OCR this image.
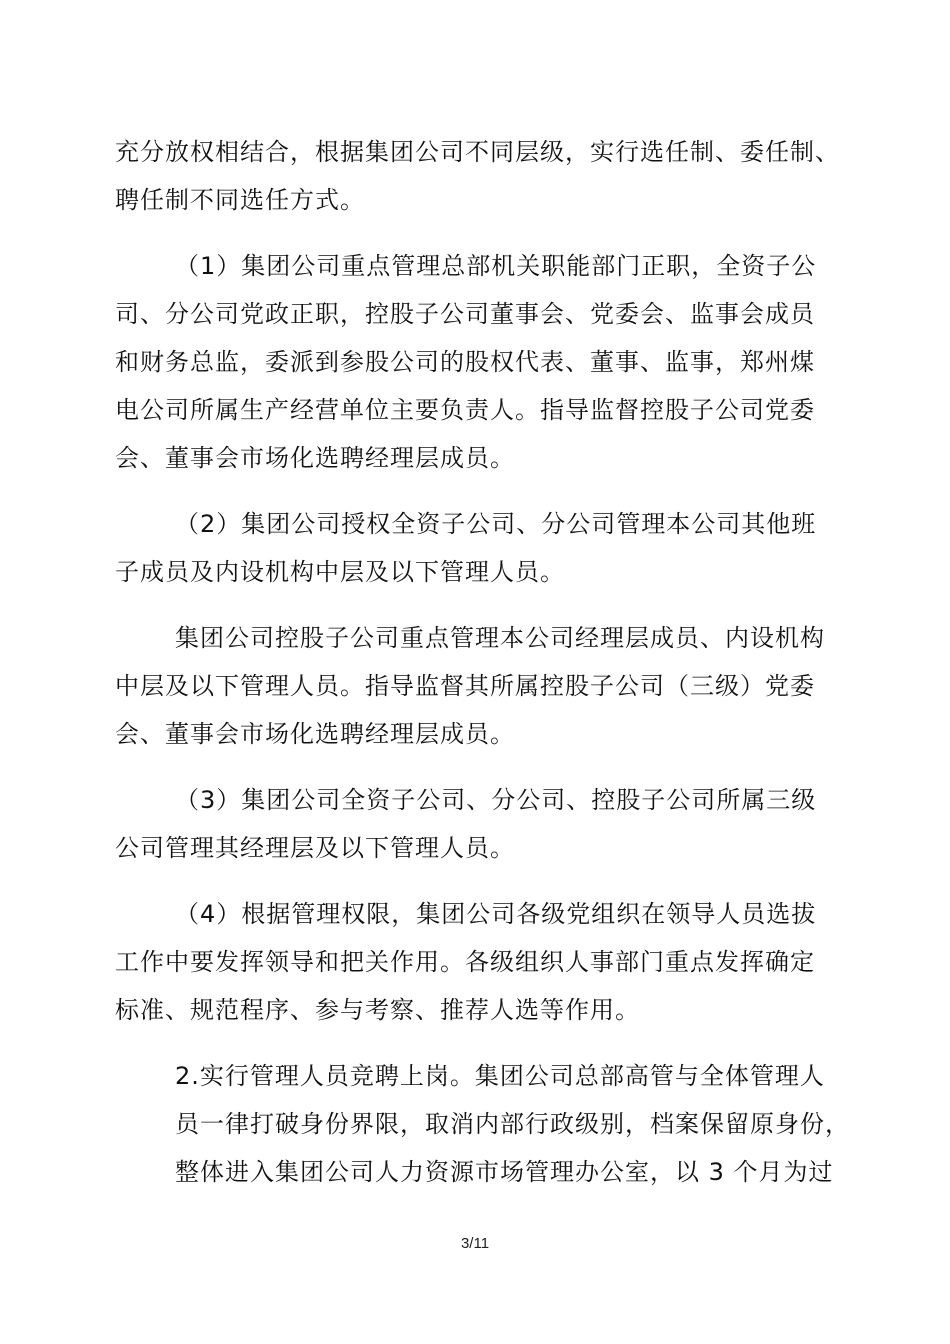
充分放权相结合，根据集团公司不同层级，实行选任制、委任制、
聘任制不同选任方式。
（1）集团公司重点管理总部机关职能部门正职，全资子公
司、分公司党政正职，控股子公司董事会、党委会、监事会成员
和财务总监，委派到参股公司的股权代表、董事、监事，郑州煤
电公司所属生产经营单位主要负责人。指导监督控股子公司党委
会、董事会市场化选聘经理层成员。
（2）集团公司授权全资子公司、分公司管理本公司其他班
子成员及内设机构中层及以下管理人员。
集团公司控股子公司重点管理本公司经理层成员、内设机构
中层及以下管理人员。指导监督其所属控股子公司（三级）党委
会、董事会市场化选聘经理层成员。
（3）集团公司全资子公司、分公司、控股子公司所属三级
公司管理其经理层及以下管理人员。
（4）根据管理权限，集团公司各级党组织在领导人员选拔
工作中要发挥领导和把关作用。各级组织人事部门重点发挥确定
标准、规范程序、参与考察、推荐人选等作用。
2.实行管理人员竞聘上岗。集团公司总部高管与全体管理人
员一律打破身份界限，取消内部行政级别，档案保留原身份，
整体进入集团公司人力资源市场管理办公室，以 3 个月为过
3/11
